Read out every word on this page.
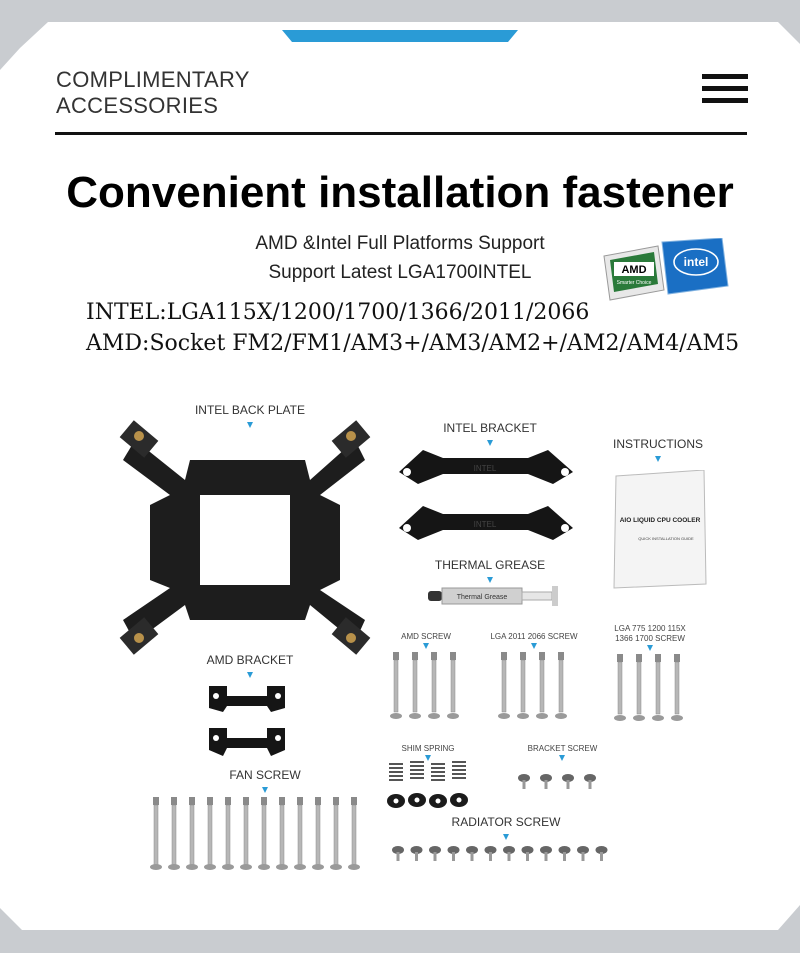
COMPLIMENTARY
ACCESSORIES
Convenient installation fastener
AMD &Intel Full Platforms Support
Support Latest LGA1700INTEL
INTEL:LGA115X/1200/1700/1366/2011/2066
AMD:Socket FM2/FM1/AM3+/AM3/AM2+/AM2/AM4/AM5
AMD
Smarter Choice
intel
INTEL BACK PLATE
INTEL BRACKET
INTEL
INTEL
INSTRUCTIONS
AIO LIQUID CPU COOLER
QUICK INSTALLATION GUIDE
THERMAL GREASE
Thermal Grease
AMD BRACKET
FAN SCREW
AMD SCREW	LGA 2011 2066 SCREW
LGA 775 1200 115X
1366 1700 SCREW
SHIM SPRING	BRACKET SCREW
RADIATOR SCREW
